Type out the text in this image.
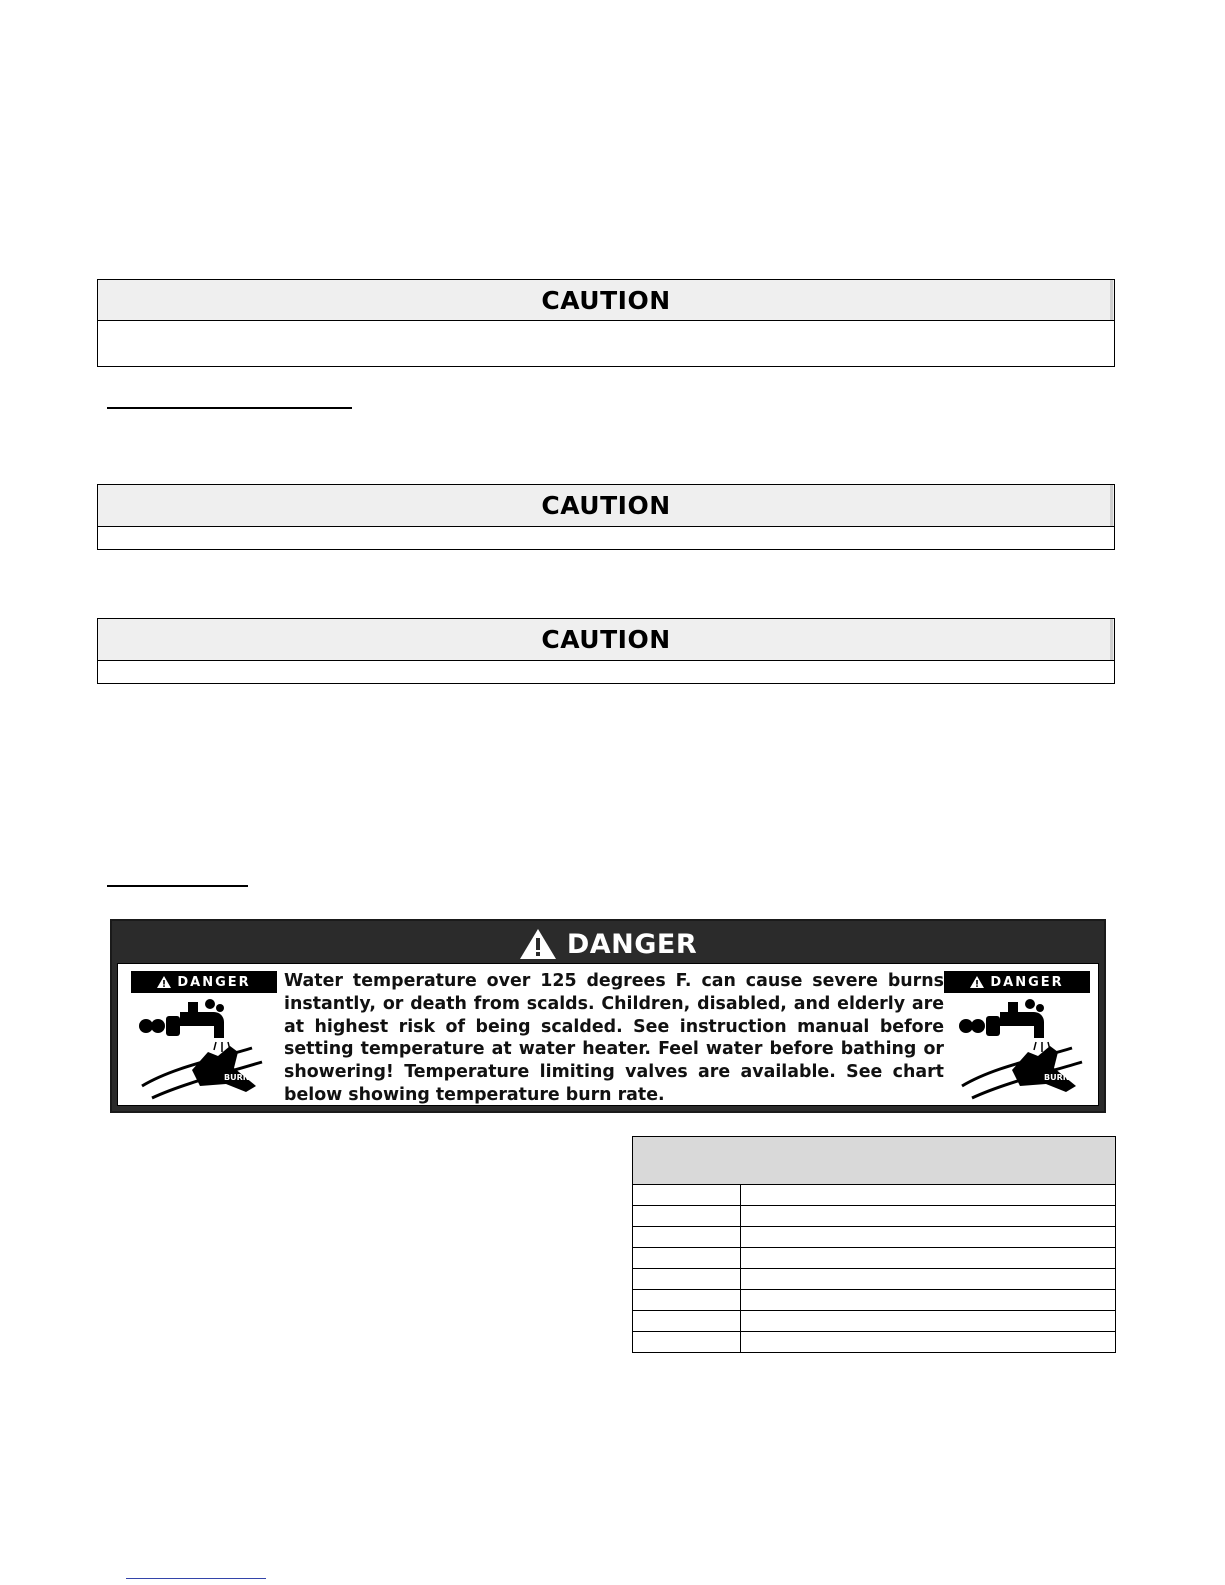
CAUTION
CAUTION
CAUTION
DANGER
DANGER
BURN

Water temperature over 125 degrees F. can cause severe burns instantly, or death from scalds. Children, disabled, and elderly are at highest risk of being scalded. See instruction manual before setting temperature at water heater. Feel water before bathing or showering! Temperature limiting valves are available. See chart below showing temperature burn rate.

DANGER
BURN
